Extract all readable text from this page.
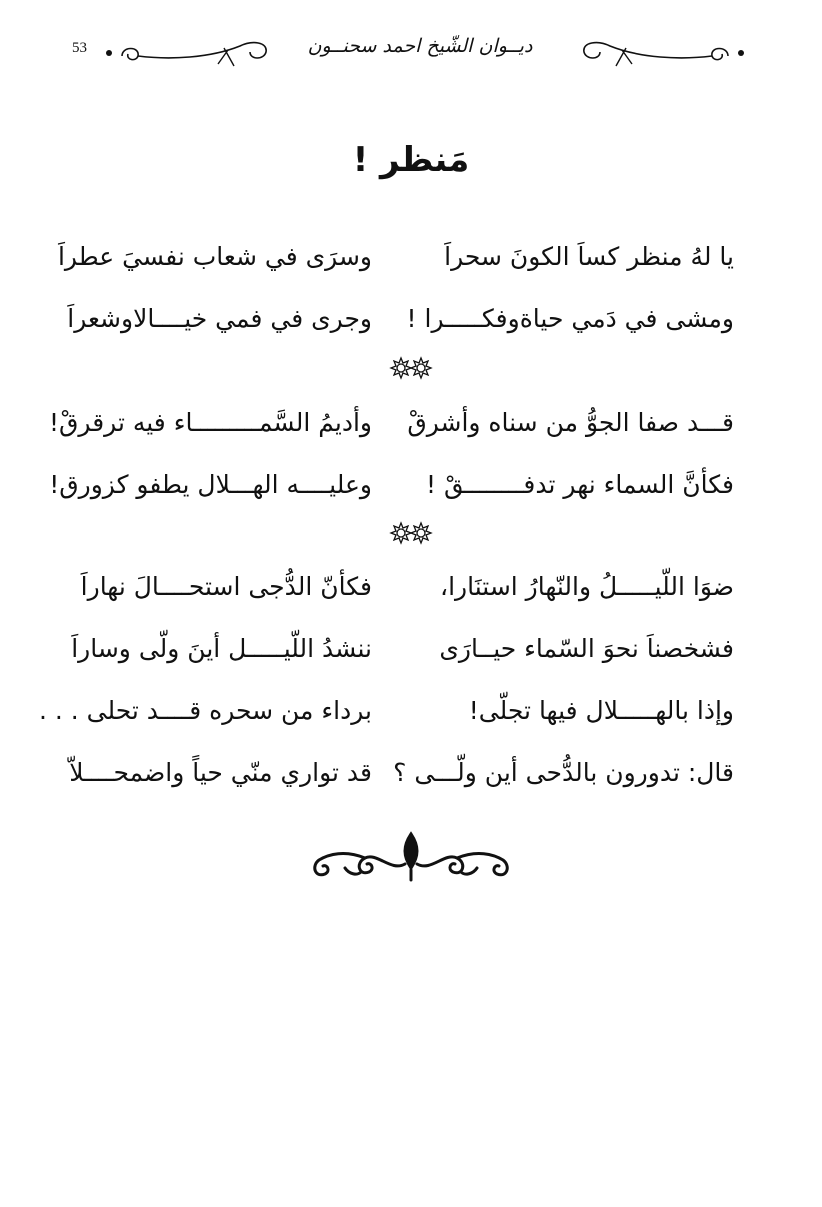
53	ديــوان الشّيخ احمد سحنــون
مَنظر !
يا لهُ منظر كساَ الكونَ سحراَ
وسرَى في شعاب نفسيَ عطراَ
ومشى في دَمي حياةوفكـــــرا !
وجرى في فمي خيــــالاوشعراَ
قـــد صفا الجوُّ من سناه وأشرقْ
وأديمُ السَّمـــــــــاء فيه ترقرقْ!
فكأنَّ السماء نهر تدفــــــــقْ !
وعليــــه الهـــلال يطفو كزورق!
ضوَا اللّيـــــلُ والنّهارُ استنَارا،
فكأنّ الدُّجى استحــــالَ نهاراَ
فشخصناَ نحوَ السّماء حيــارَى
ننشدُ اللّيـــــل أينَ ولّى وساراَ
وإذا بالهـــــلال فيها تجلّى!
برداء من سحره قــــد تحلى . . .
قال: تدورون بالدُّحى أين ولّـــى ؟
قد تواري منّي حياً واضمحــــلاّ
